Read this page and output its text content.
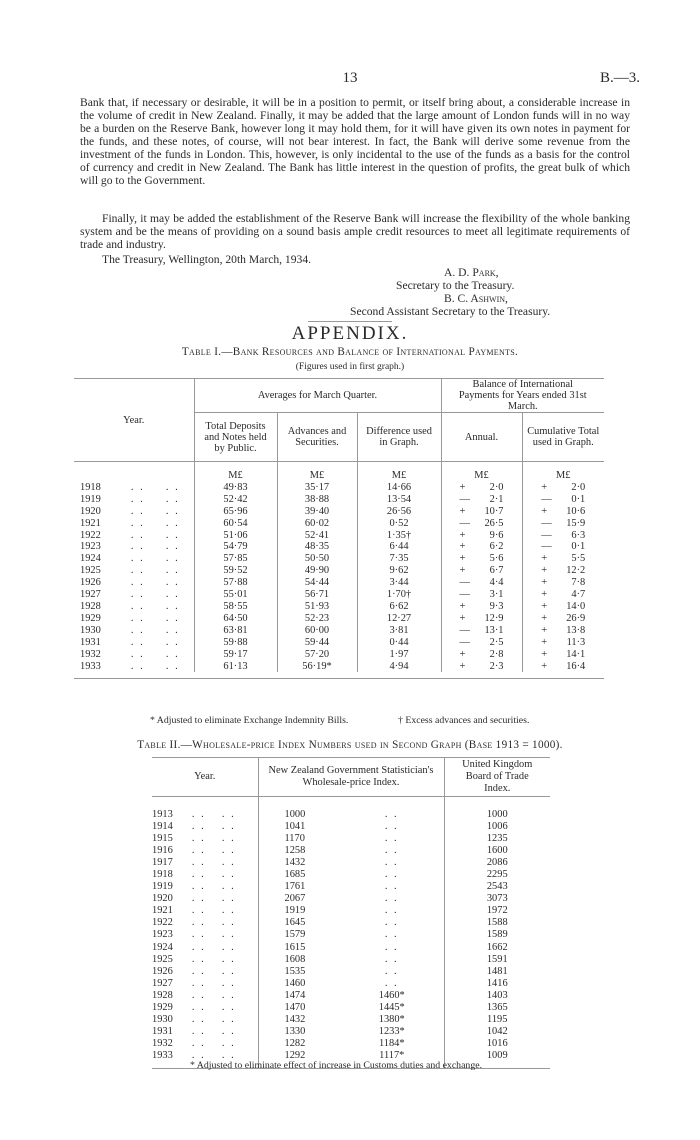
13	B.—3.

Bank that, if necessary or desirable, it will be in a position to permit, or itself bring about, a considerable increase in the volume of credit in New Zealand. Finally, it may be added that the large amount of London funds will in no way be a burden on the Reserve Bank, however long it may hold them, for it will have given its own notes in payment for the funds, and these notes, of course, will not bear interest. In fact, the Bank will derive some revenue from the investment of the funds in London. This, however, is only incidental to the use of the funds as a basis for the control of currency and credit in New Zealand. The Bank has little interest in the question of profits, the great bulk of which will go to the Government.

Finally, it may be added the establishment of the Reserve Bank will increase the flexibility of the whole banking system and be the means of providing on a sound basis ample credit resources to meet all legitimate requirements of trade and industry.

The Treasury, Wellington, 20th March, 1934.
A. D. Park,
Secretary to the Treasury.
B. C. Ashwin,
Second Assistant Secretary to the Treasury.
APPENDIX.
Table I.—Bank Resources and Balance of International Payments.
(Figures used in first graph.)
Year.	Averages for March Quarter.			Balance of International Payments for Years ended 31st March.	
	Total Deposits and Notes held by Public.	Advances and Securities.	Difference used in Graph.	Annual.	Cumulative Total used in Graph.
	M£	M£	M£	M£	M£
1918 . . . .	49·83	35·17	14·66	+ 2·0	+ 2·0
1919 . . . .	52·42	38·88	13·54	— 2·1	— 0·1
1920 . . . .	65·96	39·40	26·56	+ 10·7	+ 10·6
1921 . . . .	60·54	60·02	0·52	— 26·5	— 15·9
1922 . . . .	51·06	52·41	1·35†	+ 9·6	— 6·3
1923 . . . .	54·79	48·35	6·44	+ 6·2	— 0·1
1924 . . . .	57·85	50·50	7·35	+ 5·6	+ 5·5
1925 . . . .	59·52	49·90	9·62	+ 6·7	+ 12·2
1926 . . . .	57·88	54·44	3·44	— 4·4	+ 7·8
1927 . . . .	55·01	56·71	1·70†	— 3·1	+ 4·7
1928 . . . .	58·55	51·93	6·62	+ 9·3	+ 14·0
1929 . . . .	64·50	52·23	12·27	+ 12·9	+ 26·9
1930 . . . .	63·81	60·00	3·81	— 13·1	+ 13·8
1931 . . . .	59·88	59·44	0·44	— 2·5	+ 11·3
1932 . . . .	59·17	57·20	1·97	+ 2·8	+ 14·1
1933 . . . .	61·13	56·19*	4·94	+ 2·3	+ 16·4

* Adjusted to eliminate Exchange Indemnity Bills.	† Excess advances and securities.
Table II.—Wholesale-price Index Numbers used in Second Graph (Base 1913 = 1000).
Year.	New Zealand Government Statistician's Wholesale-price Index.		United Kingdom Board of Trade Index.

1913 . . . .	1000	. .	1000
1914 . . . .	1041	. .	1006
1915 . . . .	1170	. .	1235
1916 . . . .	1258	. .	1600
1917 . . . .	1432	. .	2086
1918 . . . .	1685	. .	2295
1919 . . . .	1761	. .	2543
1920 . . . .	2067	. .	3073
1921 . . . .	1919	. .	1972
1922 . . . .	1645	. .	1588
1923 . . . .	1579	. .	1589
1924 . . . .	1615	. .	1662
1925 . . . .	1608	. .	1591
1926 . . . .	1535	. .	1481
1927 . . . .	1460	. .	1416
1928 . . . .	1474	1460*	1403
1929 . . . .	1470	1445*	1365
1930 . . . .	1432	1380*	1195
1931 . . . .	1330	1233*	1042
1932 . . . .	1282	1184*	1016
1933 . . . .	1292	1117*	1009

* Adjusted to eliminate effect of increase in Customs duties and exchange.
